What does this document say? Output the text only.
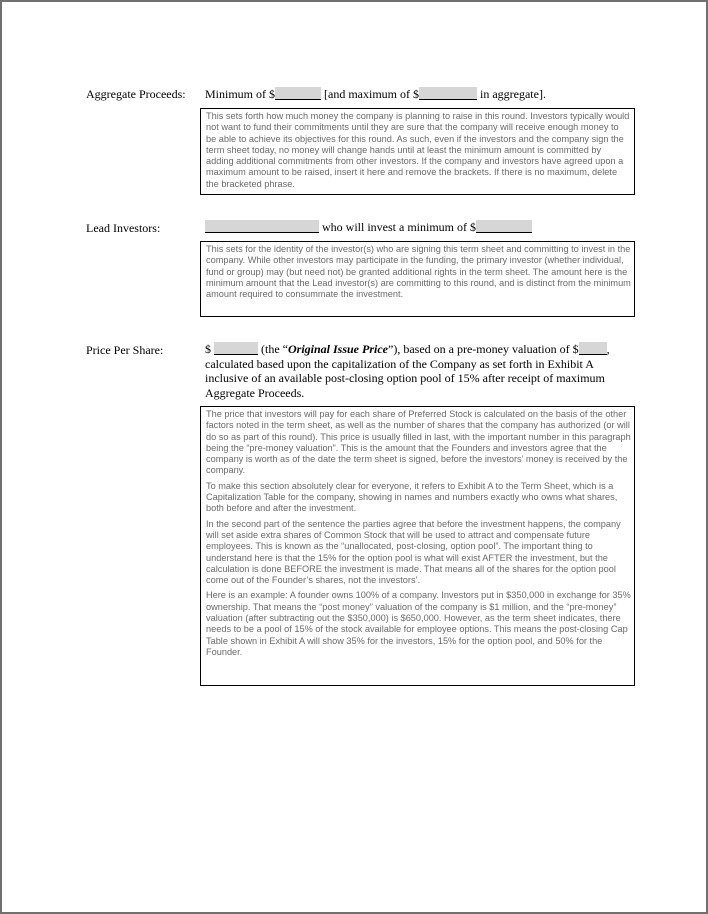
Aggregate Proceeds: Minimum of $	[and maximum of $	in aggregate].

This sets forth how much money the company is planning to raise in this round. Investors typically would not want to fund their commitments until they are sure that the company will receive enough money to be able to achieve its objectives for this round. As such, even if the investors and the company sign the term sheet today, no money will change hands until at least the minimum amount is committed by adding additional commitments from other investors. If the company and investors have agreed upon a maximum amount to be raised, insert it here and remove the brackets. If there is no maximum, delete the bracketed phrase.

Lead Investors:	who will invest a minimum of $

This sets for the identity of the investor(s) who are signing this term sheet and committing to invest in the company. While other investors may participate in the funding, the primary investor (whether individual, fund or group) may (but need not) be granted additional rights in the term sheet. The amount here is the minimum amount that the Lead investor(s) are committing to this round, and is distinct from the minimum amount required to consummate the investment.

Price Per Share:	$	(the “Original Issue Price”), based on a pre-money valuation of $ , calculated based upon the capitalization of the Company as set forth in Exhibit A inclusive of an available post-closing option pool of 15% after receipt of maximum Aggregate Proceeds.

The price that investors will pay for each share of Preferred Stock is calculated on the basis of the other factors noted in the term sheet, as well as the number of shares that the company has authorized (or will do so as part of this round). This price is usually filled in last, with the important number in this paragraph being the “pre-money valuation”. This is the amount that the Founders and investors agree that the company is worth as of the date the term sheet is signed, before the investors’ money is received by the company.

To make this section absolutely clear for everyone, it refers to Exhibit A to the Term Sheet, which is a Capitalization Table for the company, showing in names and numbers exactly who owns what shares, both before and after the investment.

In the second part of the sentence the parties agree that before the investment happens, the company will set aside extra shares of Common Stock that will be used to attract and compensate future employees. This is known as the “unallocated, post-closing, option pool”. The important thing to understand here is that the 15% for the option pool is what will exist AFTER the investment, but the calculation is done BEFORE the investment is made. That means all of the shares for the option pool come out of the Founder’s shares, not the investors’.

Here is an example: A founder owns 100% of a company. Investors put in $350,000 in exchange for 35% ownership. That means the “post money” valuation of the company is $1 million, and the “pre-money” valuation (after subtracting out the $350,000) is $650,000. However, as the term sheet indicates, there needs to be a pool of 15% of the stock available for employee options. This means the post-closing Cap Table shown in Exhibit A will show 35% for the investors, 15% for the option pool, and 50% for the Founder.
